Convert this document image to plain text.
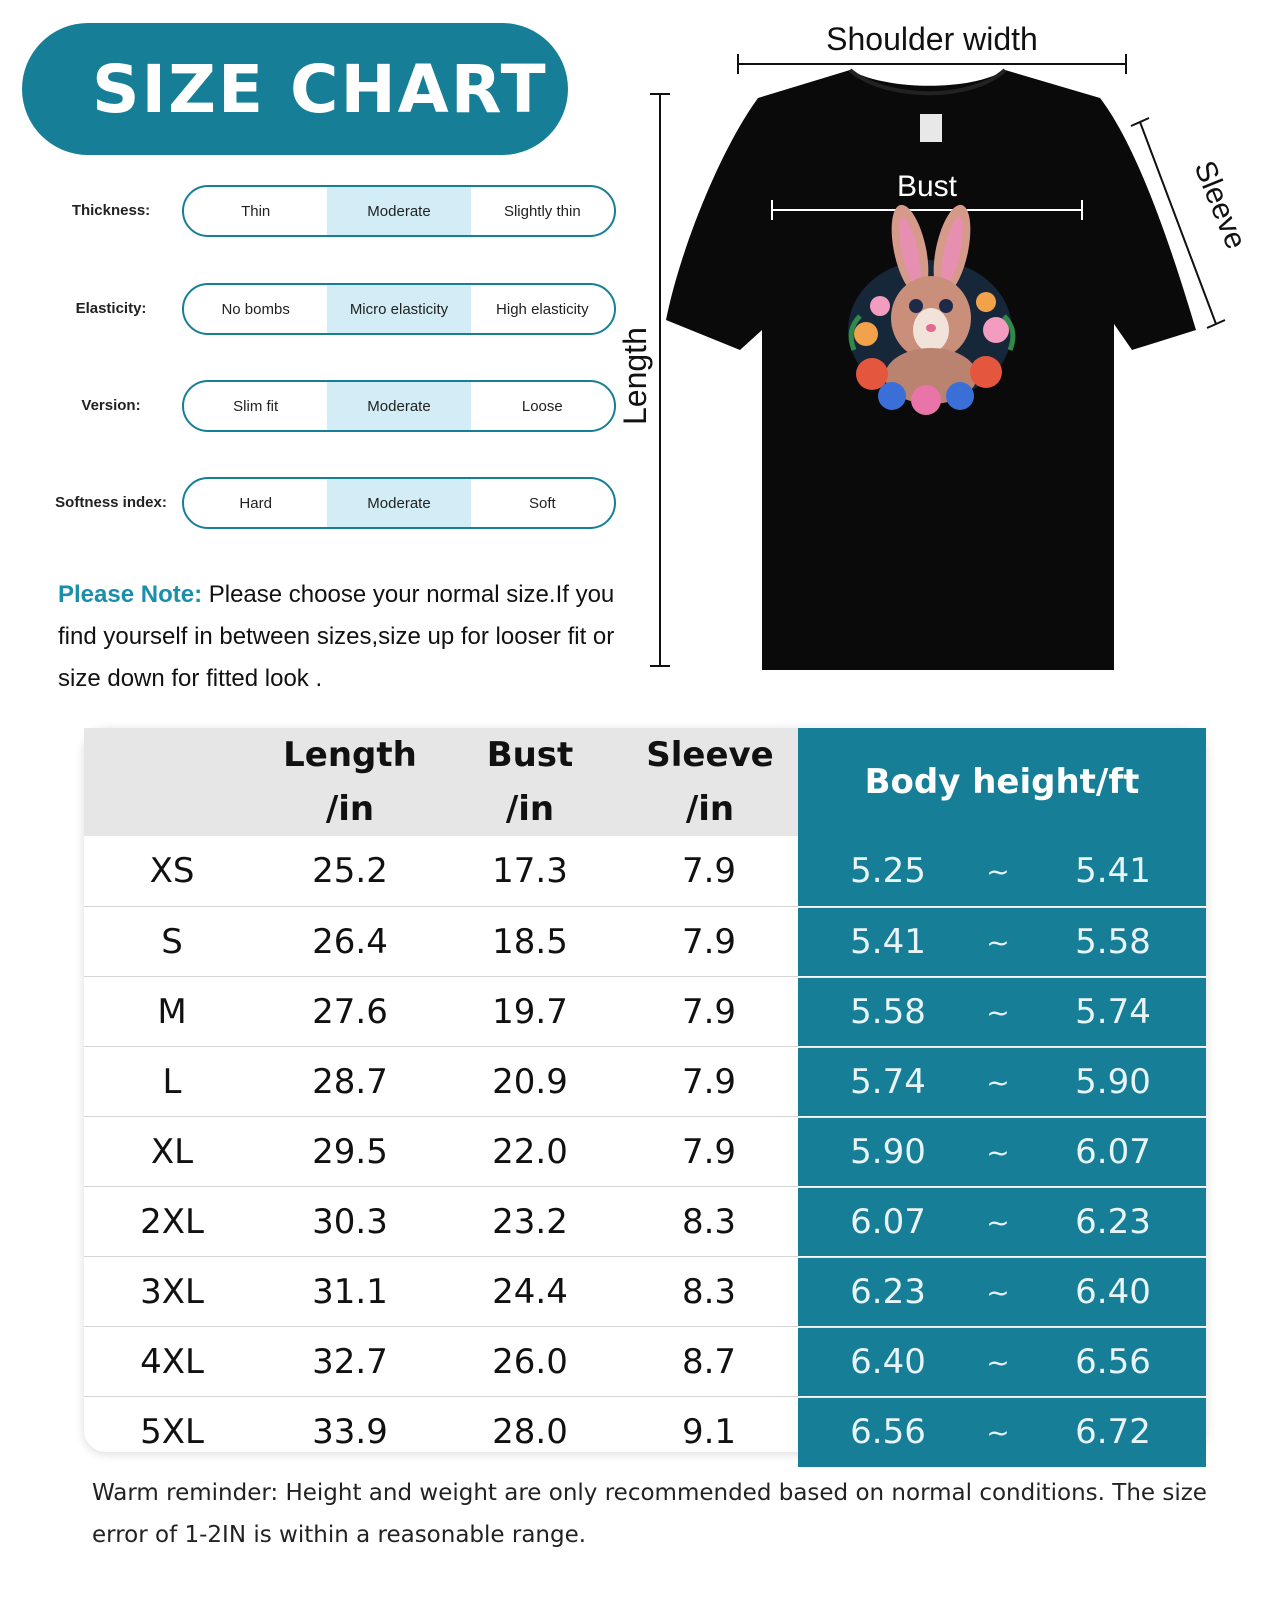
SIZE CHART
Thickness:	Thin	Moderate	Slightly thin
Elasticity:	No bombs	Micro elasticity	High elasticity
Version:	Slim fit	Moderate	Loose
Softness index:	Hard	Moderate	Soft
Please Note: Please choose your normal size.If you find yourself in between sizes,size up for looser fit or size down for fitted look .
Shoulder width
Length
Bust	Sleeve
Length
/in
Bust
/in
Sleeve
/in
Body height/ft
XS	25.2	17.3	7.9	5.25	~	5.41
S	26.4	18.5	7.9	5.41	~	5.58
M	27.6	19.7	7.9	5.58	~	5.74
L	28.7	20.9	7.9	5.74	~	5.90
XL	29.5	22.0	7.9	5.90	~	6.07
2XL	30.3	23.2	8.3	6.07	~	6.23
3XL	31.1	24.4	8.3	6.23	~	6.40
4XL	32.7	26.0	8.7	6.40	~	6.56
5XL	33.9	28.0	9.1	6.56	~	6.72
Warm reminder: Height and weight are only recommended based on normal conditions. The size error of 1-2IN is within a reasonable range.
